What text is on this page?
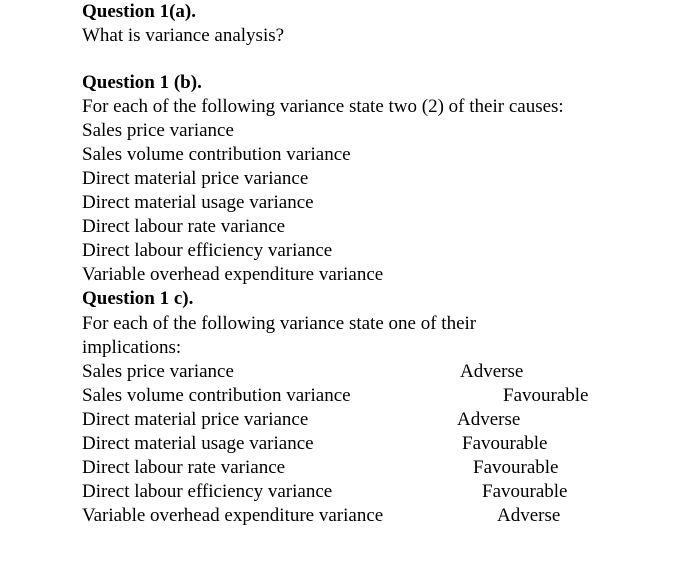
Question 1(a).
What is variance analysis?
Question 1 (b).
For each of the following variance state two (2) of their causes:
Sales price variance
Sales volume contribution variance
Direct material price variance
Direct material usage variance
Direct labour rate variance
Direct labour efficiency variance
Variable overhead expenditure variance
Question 1 c).
For each of the following variance state one of their
implications:
Sales price variance	Adverse
Sales volume contribution variance	Favourable
Direct material price variance	Adverse
Direct material usage variance	Favourable
Direct labour rate variance	Favourable
Direct labour efficiency variance	Favourable
Variable overhead expenditure variance	Adverse
